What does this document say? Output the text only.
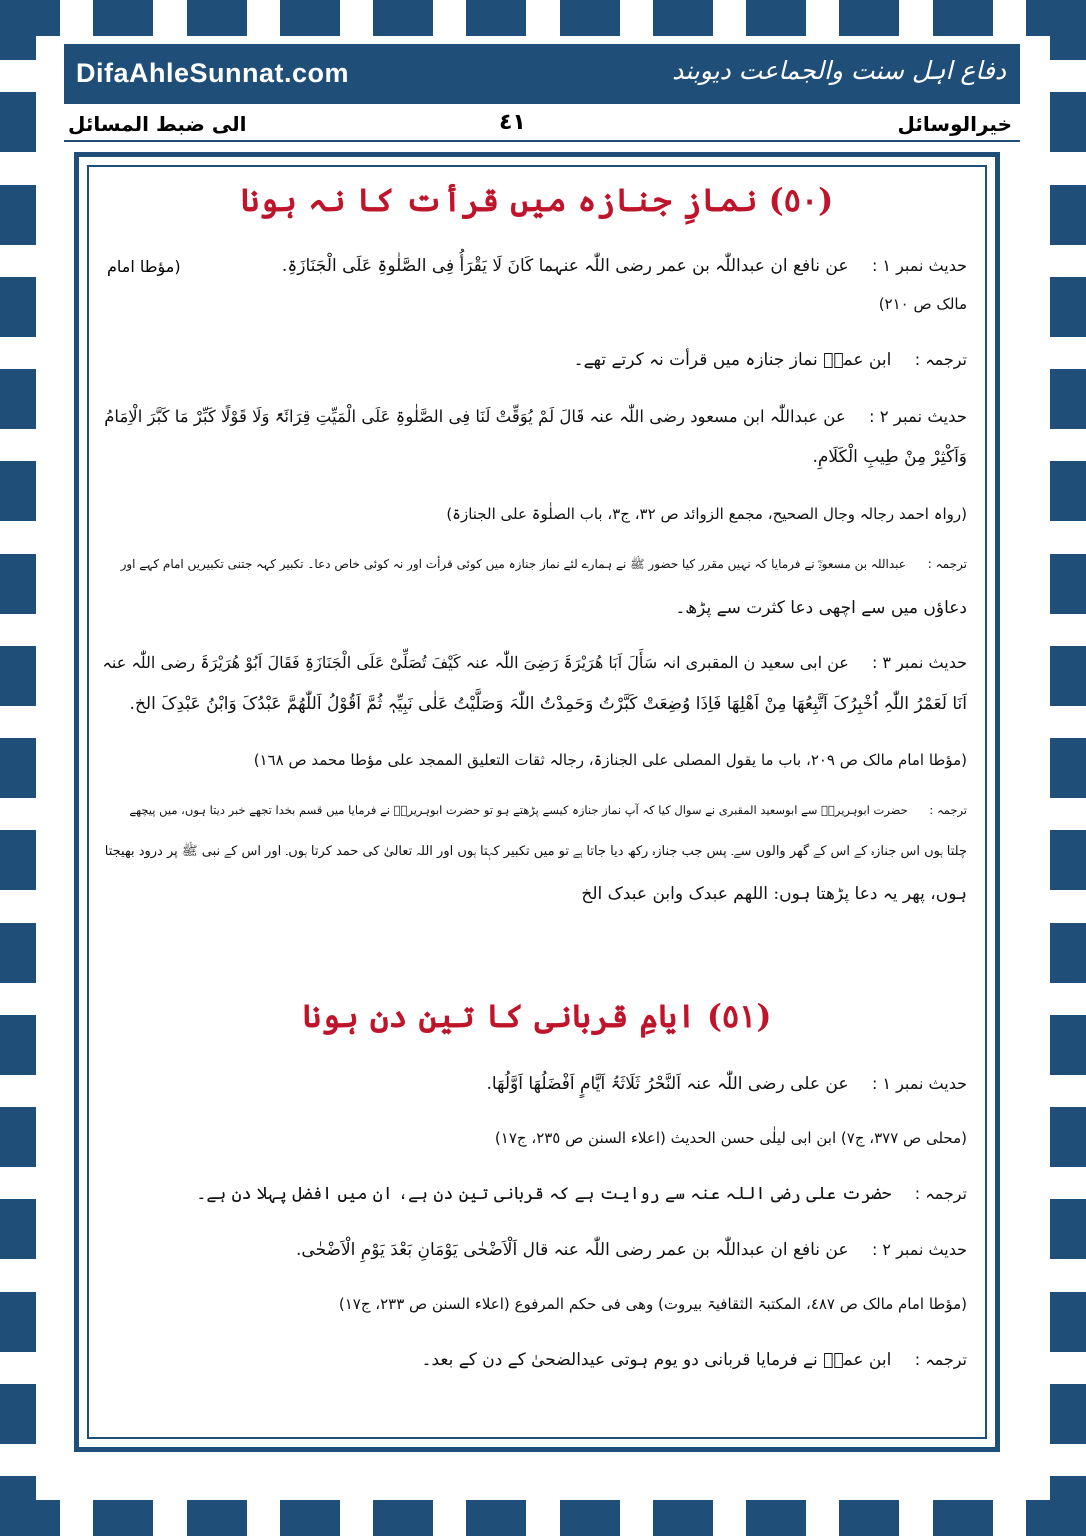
DifaAhleSunnat.com	دفاع اہل سنت والجماعت دیوبند
الی ضبط المسائل	٤١	خیرالوسائل
(٥٠) نمازِ جنازہ میں قرأت کا نہ ہونا
حدیث نمبر ۱ : عن نافع ان عبداللّٰہ بن عمر رضی اللّٰہ عنہما کَانَ لَا یَقْرَأُ فِی الصَّلٰوۃِ عَلَی الْجَنَازَۃِ.
(مؤطا امام
مالک ص ٢١٠)
ترجمہ : ابن عمرؓ نماز جنازہ میں قرأت نہ کرتے تھے۔
حدیث نمبر ۲ : عن عبداللّٰہ ابن مسعود رضی اللّٰہ عنہ قَالَ لَمْ یُوَقِّتْ لَنَا فِی الصَّلٰوۃِ عَلَی الْمَیِّتِ قِرَائَۃً وَلَا قَوْلًا کَبِّرْ مَا کَبَّرَ الْاِمَامُ
وَاَکْثِرْ مِنْ طِیبِ الْکَلَامِ.
(رواہ احمد رجالہ وجال الصحیح، مجمع الزوائد ص ٣٢، ج٣، باب الصلٰوۃ علی الجنازۃ)
ترجمہ : عبداللہ بن مسعودؓ نے فرمایا کہ نہیں مقرر کیا حضور ﷺ نے ہمارے لئے نماز جنازہ میں کوئی قرأت اور نہ کوئی خاص دعا۔ تکبیر کہہ جتنی تکبیریں امام کہے اور
دعاؤں میں سے اچھی دعا کثرت سے پڑھ۔
حدیث نمبر ۳ : عن ابی سعید ن المقبری انہ سَأَلَ اَبَا ھُرَیْرَۃَ رَضِیَ اللّٰہ عنہ کَیْفَ تُصَلِّیْ عَلَی الْجَنَازَۃِ فَقَالَ اَبُوْ ھُرَیْرَۃَ رضی اللّٰہ عنہ
اَنَا لَعَمْرُ اللّٰہِ اُخْبِرُکَ اَتَّبِعُھَا مِنْ اَھْلِھَا فَاِذَا وُضِعَتْ کَبَّرْتُ وَحَمِدْتُ اللّٰہَ وَصَلَّیْتُ عَلٰی نَبِیِّہٖ ثُمَّ اَقُوْلُ اَللّٰھُمَّ عَبْدُکَ وَابْنُ عَبْدِکَ الخ.
(مؤطا امام مالک ص ٢٠٩، باب ما یقول المصلی علی الجنازۃ، رجالہ ثقات التعلیق الممجد علی مؤطا محمد ص ١٦٨)
ترجمہ : حضرت ابوہریرہؓ سے ابوسعید المقبری نے سوال کیا کہ آپ نماز جنازہ کیسے پڑھتے ہو تو حضرت ابوہریرہؓ نے فرمایا میں قسم بخدا تجھے خبر دیتا ہوں، میں پیچھے
چلتا ہوں اس جنازہ کے اس کے گھر والوں سے۔ پس جب جنازہ رکھ دیا جاتا ہے تو میں تکبیر کہتا ہوں اور اللہ تعالیٰ کی حمد کرتا ہوں۔ اور اس کے نبی ﷺ پر درود بھیجتا
ہوں، پھر یہ دعا پڑھتا ہوں: اللھم عبدک وابن عبدک الخ
(٥١) ایامِ قربانی کا تین دن ہونا
حدیث نمبر ۱ : عن علی رضی اللّٰہ عنہ اَلنَّحْرُ ثَلَاثَۃُ اَیَّامٍ اَفْضَلُھَا اَوَّلُھَا.
(محلی ص ٣٧٧، ج٧) ابن ابی لیلٰی حسن الحدیث (اعلاء السنن ص ٢٣٥، ج١٧)
ترجمہ : حضرت علی رضی اللہ عنہ سے روایت ہے کہ قربانی تین دن ہے، ان میں افضل پہلا دن ہے۔
حدیث نمبر ۲ : عن نافع ان عبداللّٰہ بن عمر رضی اللّٰہ عنہ قال اَلْاَضْحٰی یَوْمَانِ بَعْدَ یَوْمِ الْاَضْحٰی.
(مؤطا امام مالک ص ٤٨٧، المکتبۃ الثقافیۃ بیروت) وھی فی حکم المرفوع (اعلاء السنن ص ٢٣٣، ج١٧)
ترجمہ : ابن عمرؓ نے فرمایا قربانی دو یوم ہوتی عیدالضحیٰ کے دن کے بعد۔
